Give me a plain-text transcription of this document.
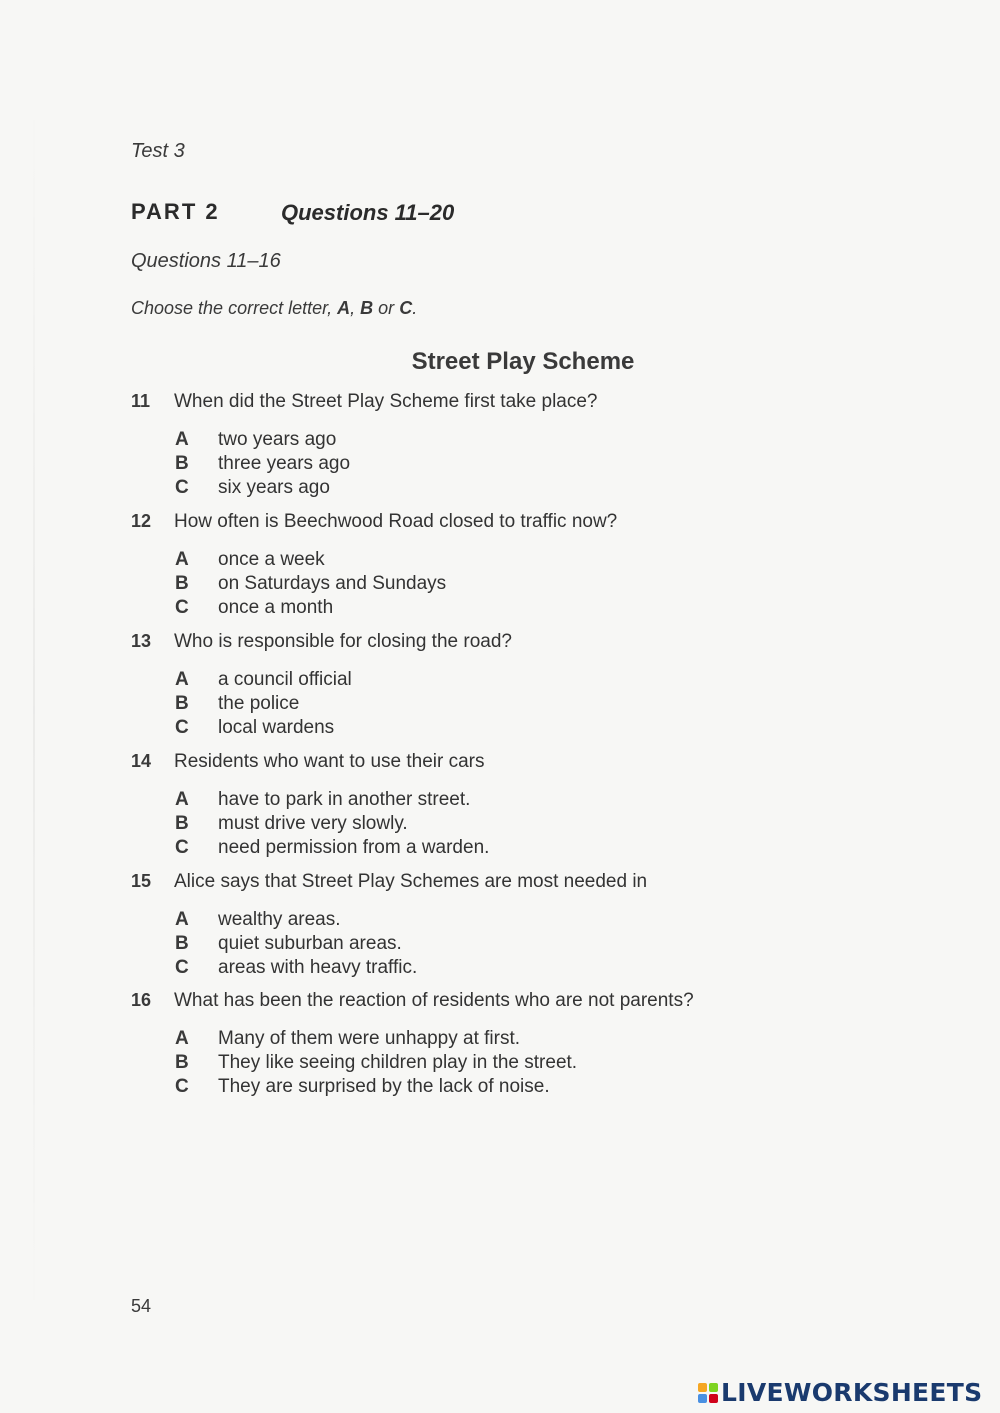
Test 3
PART 2	Questions 11–20
Questions 11–16
Choose the correct letter, A, B or C.
Street Play Scheme
11 When did the Street Play Scheme first take place?
A two years ago
B three years ago
C six years ago
12 How often is Beechwood Road closed to traffic now?
A once a week
B on Saturdays and Sundays
C once a month
13 Who is responsible for closing the road?
A a council official
B the police
C local wardens
14 Residents who want to use their cars
A have to park in another street.
B must drive very slowly.
C need permission from a warden.
15 Alice says that Street Play Schemes are most needed in
A wealthy areas.
B quiet suburban areas.
C areas with heavy traffic.
16 What has been the reaction of residents who are not parents?
A Many of them were unhappy at first.
B They like seeing children play in the street.
C They are surprised by the lack of noise.
54
LIVEWORKSHEETS
